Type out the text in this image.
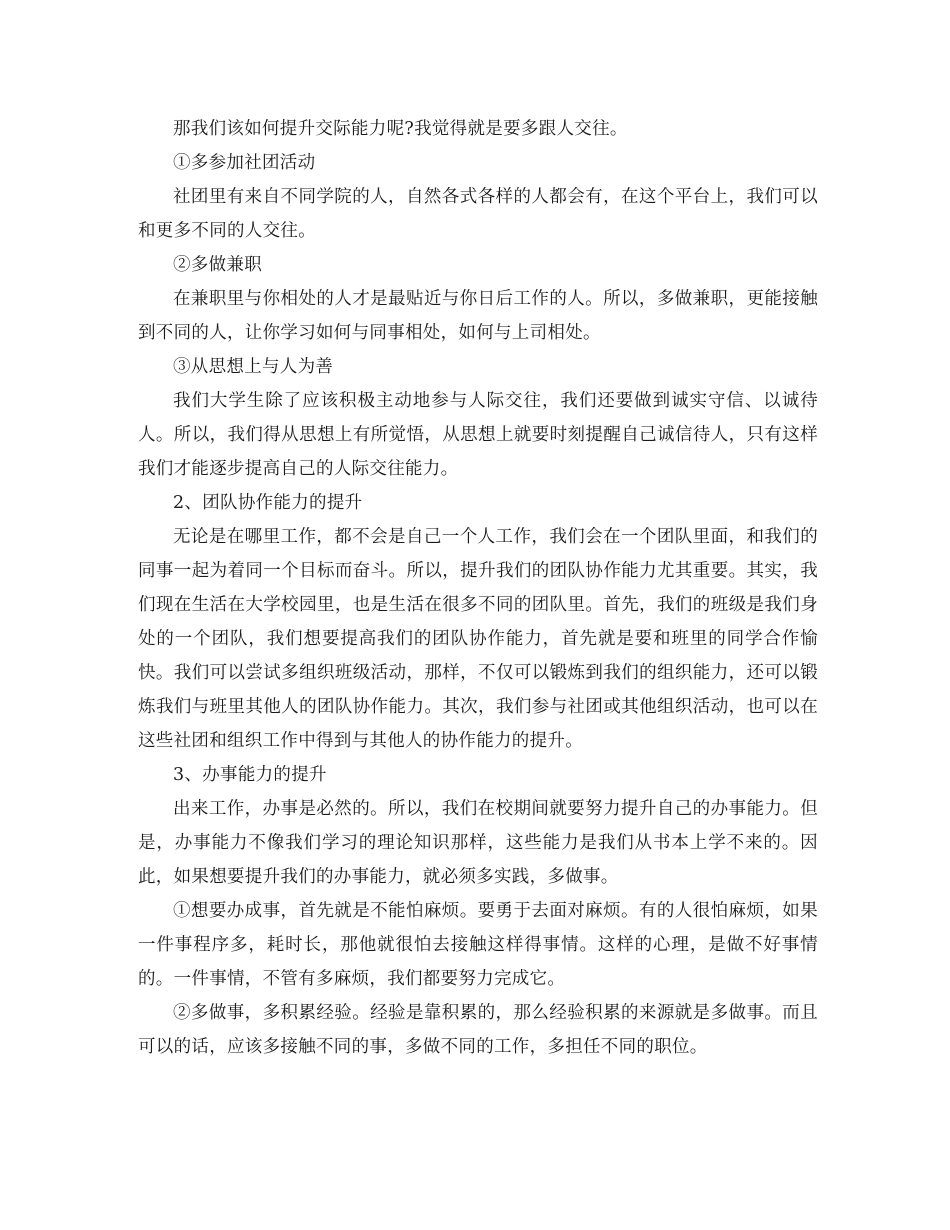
那我们该如何提升交际能力呢?我觉得就是要多跟人交往。

①多参加社团活动

社团里有来自不同学院的人，自然各式各样的人都会有，在这个平台上，我们可以和更多不同的人交往。

②多做兼职

在兼职里与你相处的人才是最贴近与你日后工作的人。所以，多做兼职，更能接触到不同的人，让你学习如何与同事相处，如何与上司相处。

③从思想上与人为善

我们大学生除了应该积极主动地参与人际交往，我们还要做到诚实守信、以诚待人。所以，我们得从思想上有所觉悟，从思想上就要时刻提醒自己诚信待人，只有这样我们才能逐步提高自己的人际交往能力。

2、团队协作能力的提升

无论是在哪里工作，都不会是自己一个人工作，我们会在一个团队里面，和我们的同事一起为着同一个目标而奋斗。所以，提升我们的团队协作能力尤其重要。其实，我们现在生活在大学校园里，也是生活在很多不同的团队里。首先，我们的班级是我们身处的一个团队，我们想要提高我们的团队协作能力，首先就是要和班里的同学合作愉快。我们可以尝试多组织班级活动，那样，不仅可以锻炼到我们的组织能力，还可以锻炼我们与班里其他人的团队协作能力。其次，我们参与社团或其他组织活动，也可以在这些社团和组织工作中得到与其他人的协作能力的提升。

3、办事能力的提升

出来工作，办事是必然的。所以，我们在校期间就要努力提升自己的办事能力。但是，办事能力不像我们学习的理论知识那样，这些能力是我们从书本上学不来的。因此，如果想要提升我们的办事能力，就必须多实践，多做事。

①想要办成事，首先就是不能怕麻烦。要勇于去面对麻烦。有的人很怕麻烦，如果一件事程序多，耗时长，那他就很怕去接触这样得事情。这样的心理，是做不好事情的。一件事情，不管有多麻烦，我们都要努力完成它。

②多做事，多积累经验。经验是靠积累的，那么经验积累的来源就是多做事。而且可以的话，应该多接触不同的事，多做不同的工作，多担任不同的职位。
